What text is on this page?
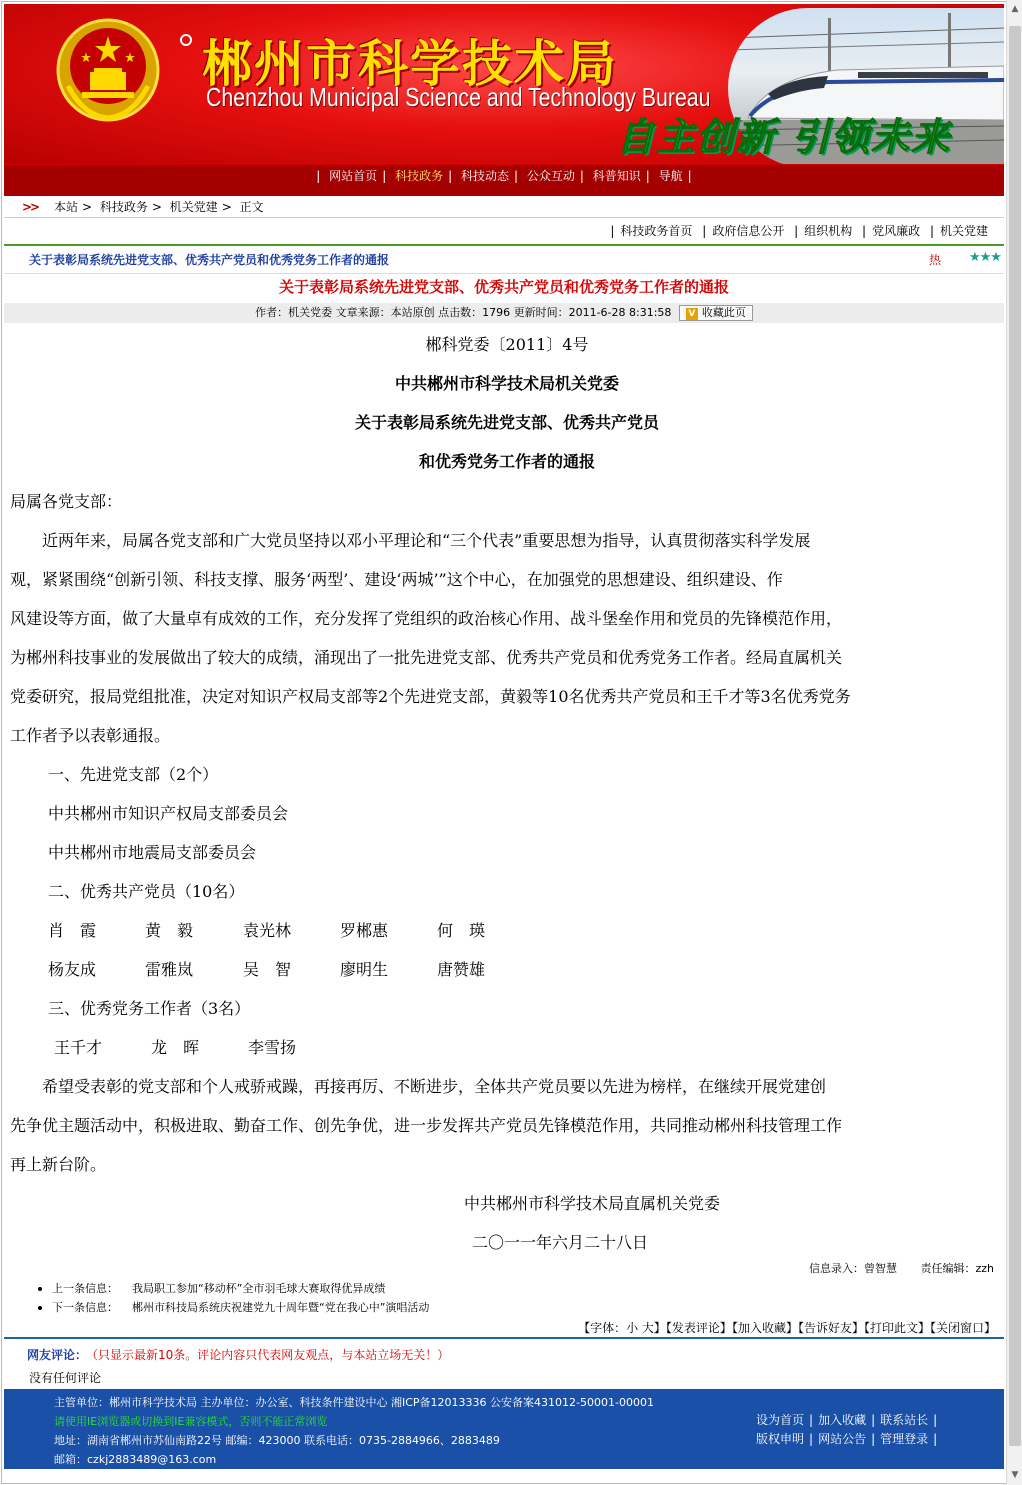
郴州市科学技术局
Chenzhou Municipal Science and Technology Bureau
自主创新 引领未来
| 网站首页 | 科技政务 | 科技动态 | 公众互动 | 科普知识 | 导航 |
>> 本站 > 科技政务 > 机关党建 > 正文
| 科技政务首页 | 政府信息公开 | 组织机构 | 党风廉政 | 机关党建
关于表彰局系统先进党支部、优秀共产党员和优秀党务工作者的通报	热 ★★★
关于表彰局系统先进党支部、优秀共产党员和优秀党务工作者的通报
作者：机关党委 文章来源：本站原创 点击数：1796 更新时间：2011-6-28 8:31:58 V 收藏此页
郴科党委〔2011〕4号
中共郴州市科学技术局机关党委
关于表彰局系统先进党支部、优秀共产党员
和优秀党务工作者的通报
局属各党支部：
　　近两年来，局属各党支部和广大党员坚持以邓小平理论和“三个代表”重要思想为指导，认真贯彻落实科学发展
观，紧紧围绕“创新引领、科技支撑、服务‘两型’、建设‘两城’”这个中心，在加强党的思想建设、组织建设、作
风建设等方面，做了大量卓有成效的工作，充分发挥了党组织的政治核心作用、战斗堡垒作用和党员的先锋模范作用，
为郴州科技事业的发展做出了较大的成绩，涌现出了一批先进党支部、优秀共产党员和优秀党务工作者。经局直属机关
党委研究，报局党组批准，决定对知识产权局支部等2个先进党支部，黄毅等10名优秀共产党员和王千才等3名优秀党务
工作者予以表彰通报。
一、先进党支部（2个）
中共郴州市知识产权局支部委员会
中共郴州市地震局支部委员会
二、优秀共产党员（10名）
肖　霞	黄　毅	袁光林	罗郴惠	何　瑛
杨友成	雷雅岚	吴　智	廖明生	唐赞雄
三、优秀党务工作者（3名）
王千才	龙　晖	李雪扬
　　希望受表彰的党支部和个人戒骄戒躁，再接再厉、不断进步，全体共产党员要以先进为榜样，在继续开展党建创
先争优主题活动中，积极进取、勤奋工作、创先争优，进一步发挥共产党员先锋模范作用，共同推动郴州科技管理工作
再上新台阶。
中共郴州市科学技术局直属机关党委
二〇一一年六月二十八日
信息录入：曾智慧 责任编辑：zzh
上一条信息： 我局职工参加“移动杯”全市羽毛球大赛取得优异成绩
下一条信息： 郴州市科技局系统庆祝建党九十周年暨“党在我心中”演唱活动
【字体：小 大】【发表评论】【加入收藏】【告诉好友】【打印此文】【关闭窗口】
网友评论：
（只显示最新10条。评论内容只代表网友观点，与本站立场无关！）
没有任何评论
主管单位：郴州市科学技术局 主办单位：办公室、科技条件建设中心 湘ICP备12013336 公安备案431012-50001-00001
请使用IE浏览器或切换到IE兼容模式，否则不能正常浏览
地址：湖南省郴州市苏仙南路22号 邮编：423000 联系电话：0735-2884966、2883489
邮箱：czkj2883489@163.com
设为首页 | 加入收藏 | 联系站长 |
版权申明 | 网站公告 | 管理登录 |
▲
▼
